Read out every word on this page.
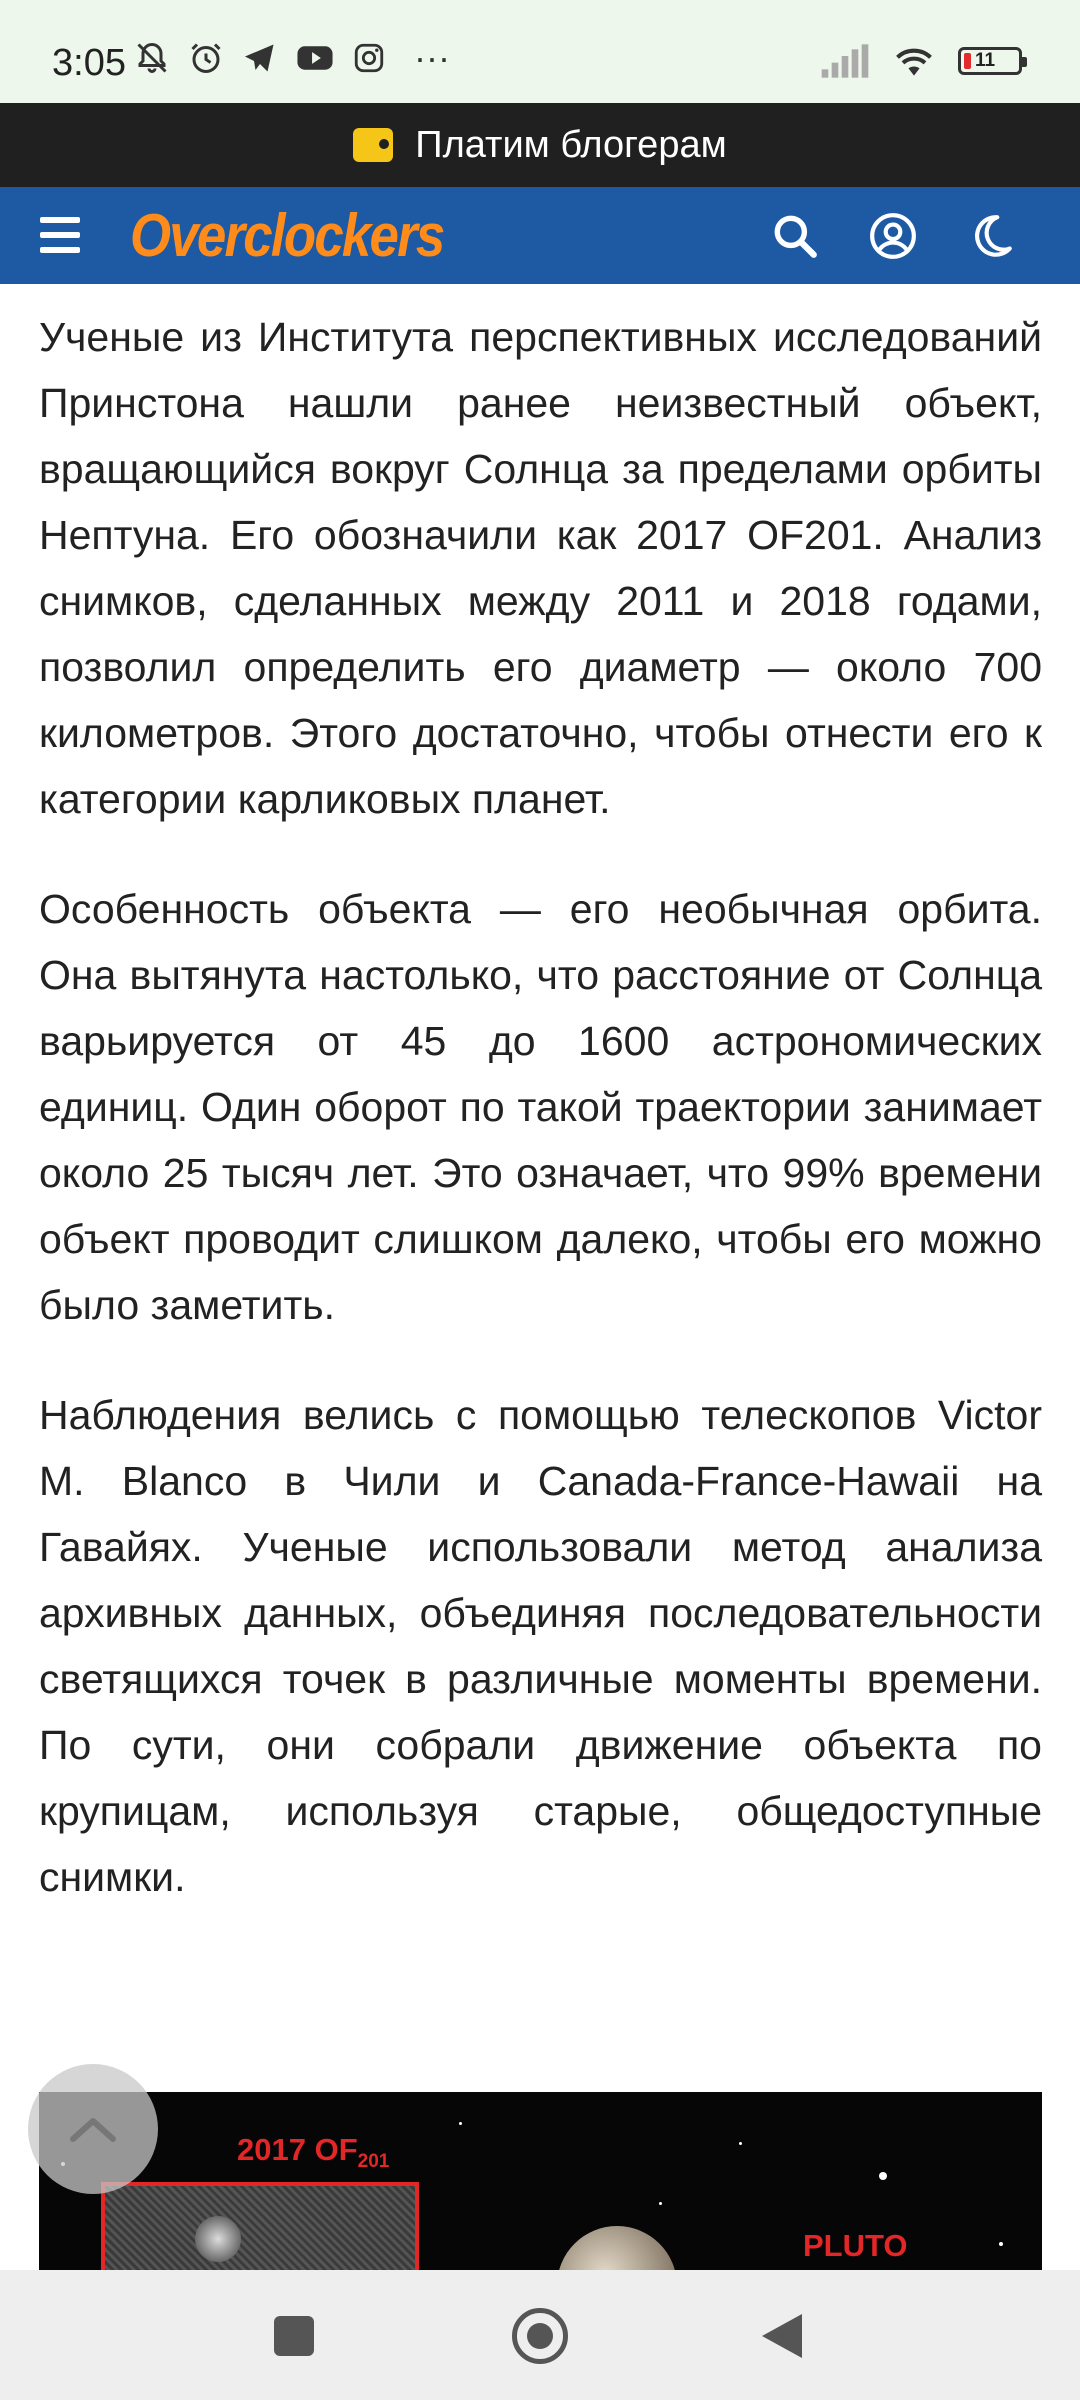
3:05	···	11
Платим блогерам
Overclockers

Ученые из Института перспективных исследований Принстона нашли ранее неизвестный объект, вращающийся вокруг Солнца за пределами орбиты Нептуна. Его обозначили как 2017 OF201. Анализ снимков, сделанных между 2011 и 2018 годами, позволил определить его диаметр — около 700 километров. Этого достаточно, чтобы отнести его к категории карликовых планет.

Особенность объекта — его необычная орбита. Она вытянута настолько, что расстояние от Солнца варьируется от 45 до 1600 астрономических единиц. Один оборот по такой траектории занимает около 25 тысяч лет. Это означает, что 99% времени объект проводит слишком далеко, чтобы его можно было заметить.

Наблюдения велись с помощью телескопов Victor M. Blanco в Чили и Canada-France-Hawaii на Гавайях. Ученые использовали метод анализа архивных данных, объединяя последовательности светящихся точек в различные моменты времени. По сути, они собрали движение объекта по крупицам, используя старые, общедоступные снимки.

2017 $OF_{201}$
PLUTO
